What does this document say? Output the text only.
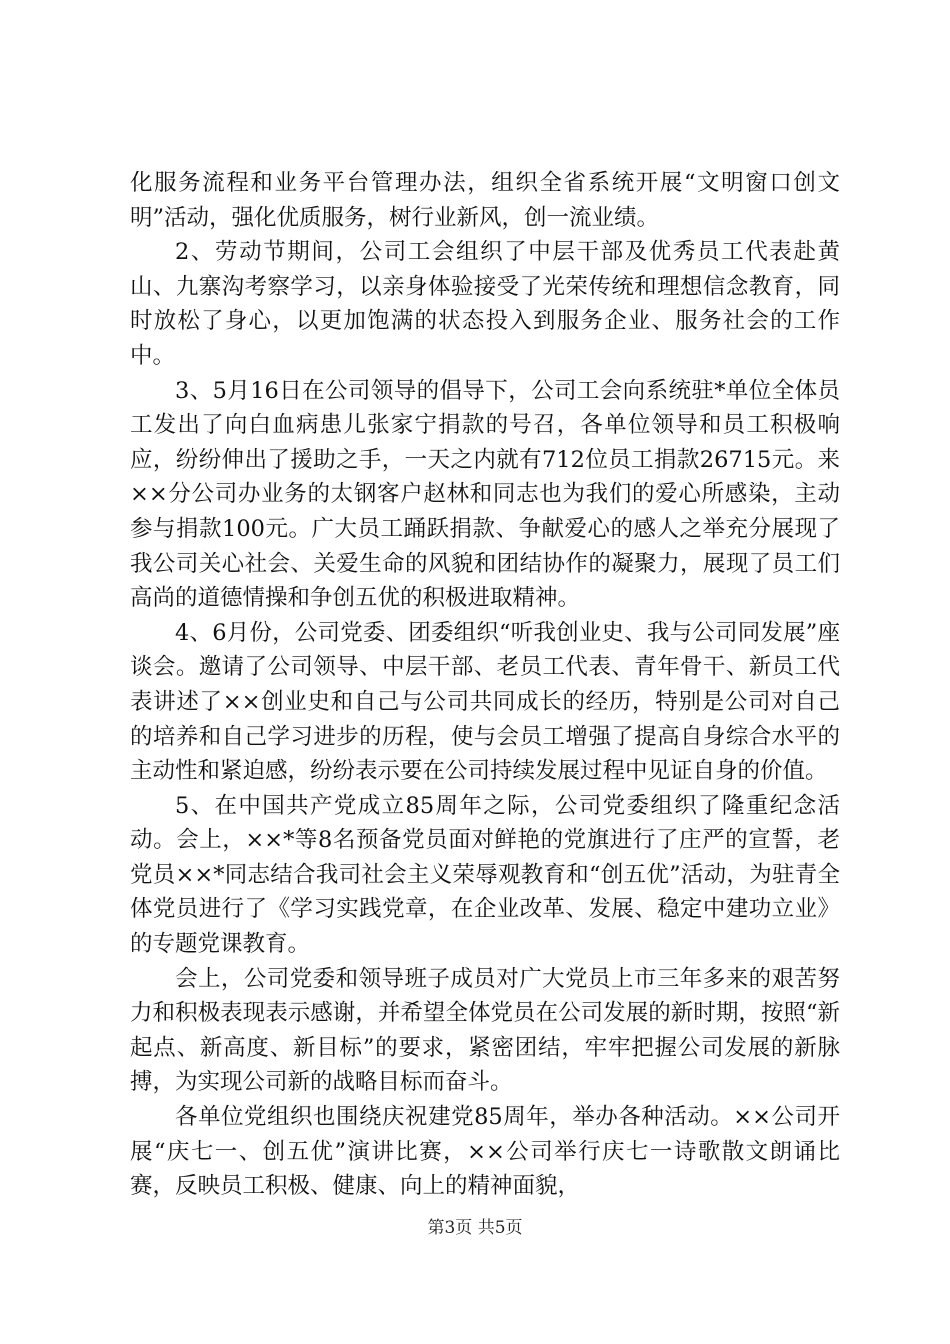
化服务流程和业务平台管理办法，组织全省系统开展“文明窗口创文明”活动，强化优质服务，树行业新风，创一流业绩。

2、劳动节期间，公司工会组织了中层干部及优秀员工代表赴黄山、九寨沟考察学习，以亲身体验接受了光荣传统和理想信念教育，同时放松了身心，以更加饱满的状态投入到服务企业、服务社会的工作中。

3、5月16日在公司领导的倡导下，公司工会向系统驻*单位全体员工发出了向白血病患儿张家宁捐款的号召，各单位领导和员工积极响应，纷纷伸出了援助之手，一天之内就有712位员工捐款26715元。来××分公司办业务的太钢客户赵林和同志也为我们的爱心所感染，主动参与捐款100元。广大员工踊跃捐款、争献爱心的感人之举充分展现了我公司关心社会、关爱生命的风貌和团结协作的凝聚力，展现了员工们高尚的道德情操和争创五优的积极进取精神。

4、6月份，公司党委、团委组织“听我创业史、我与公司同发展”座谈会。邀请了公司领导、中层干部、老员工代表、青年骨干、新员工代表讲述了××创业史和自己与公司共同成长的经历，特别是公司对自己的培养和自己学习进步的历程，使与会员工增强了提高自身综合水平的主动性和紧迫感，纷纷表示要在公司持续发展过程中见证自身的价值。

5、在中国共产党成立85周年之际，公司党委组织了隆重纪念活动。会上，××*等8名预备党员面对鲜艳的党旗进行了庄严的宣誓，老党员××*同志结合我司社会主义荣辱观教育和“创五优”活动，为驻青全体党员进行了《学习实践党章，在企业改革、发展、稳定中建功立业》的专题党课教育。

会上，公司党委和领导班子成员对广大党员上市三年多来的艰苦努力和积极表现表示感谢，并希望全体党员在公司发展的新时期，按照“新起点、新高度、新目标”的要求，紧密团结，牢牢把握公司发展的新脉搏，为实现公司新的战略目标而奋斗。

各单位党组织也围绕庆祝建党85周年，举办各种活动。××公司开展“庆七一、创五优”演讲比赛，××公司举行庆七一诗歌散文朗诵比赛，反映员工积极、健康、向上的精神面貌，

第3页 共5页
